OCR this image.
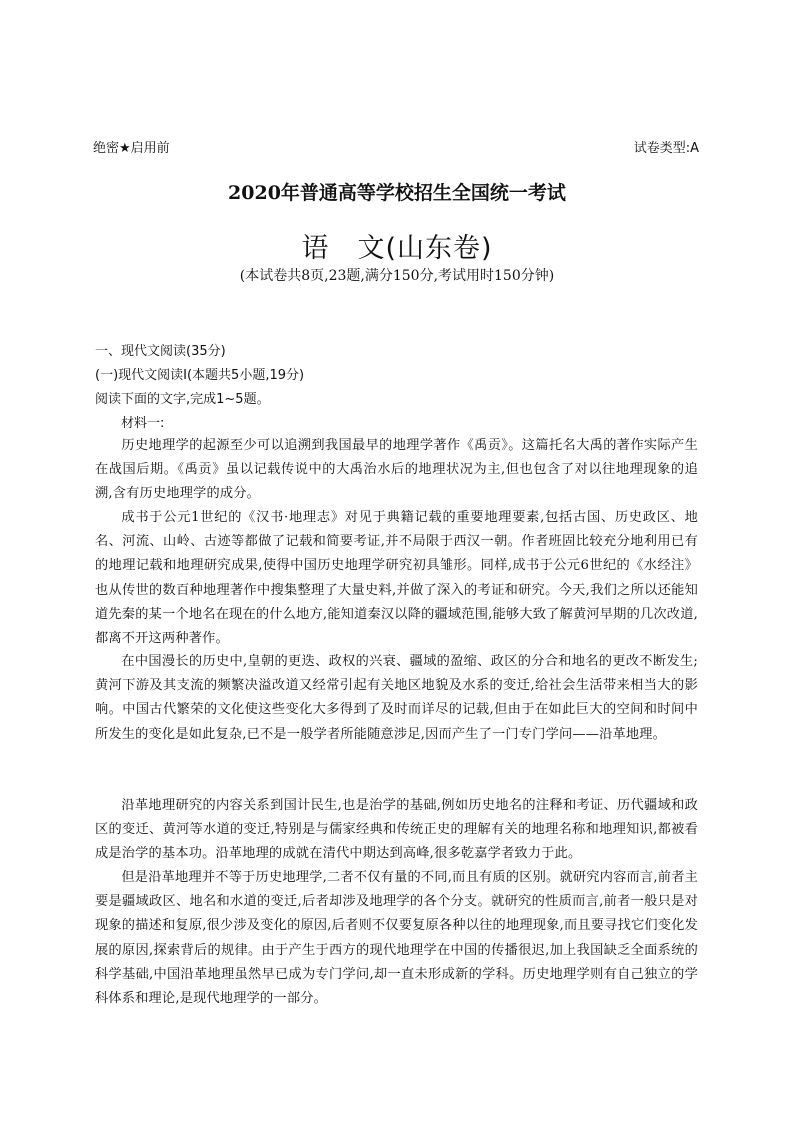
绝密★启用前	试卷类型:A
2020年普通高等学校招生全国统一考试
语　文(山东卷)
(本试卷共8页,23题,满分150分,考试用时150分钟)
一、现代文阅读(35分)
(一)现代文阅读Ⅰ(本题共5小题,19分)
阅读下面的文字,完成1~5题。
材料一:

历史地理学的起源至少可以追溯到我国最早的地理学著作《禹贡》。这篇托名大禹的著作实际产生在战国后期。《禹贡》虽以记载传说中的大禹治水后的地理状况为主,但也包含了对以往地理现象的追溯,含有历史地理学的成分。

成书于公元1世纪的《汉书·地理志》对见于典籍记载的重要地理要素,包括古国、历史政区、地名、河流、山岭、古迹等都做了记载和简要考证,并不局限于西汉一朝。作者班固比较充分地利用已有的地理记载和地理研究成果,使得中国历史地理学研究初具雏形。同样,成书于公元6世纪的《水经注》也从传世的数百种地理著作中搜集整理了大量史料,并做了深入的考证和研究。今天,我们之所以还能知道先秦的某一个地名在现在的什么地方,能知道秦汉以降的疆域范围,能够大致了解黄河早期的几次改道,都离不开这两种著作。

在中国漫长的历史中,皇朝的更迭、政权的兴衰、疆域的盈缩、政区的分合和地名的更改不断发生;黄河下游及其支流的频繁决溢改道又经常引起有关地区地貌及水系的变迁,给社会生活带来相当大的影响。中国古代繁荣的文化使这些变化大多得到了及时而详尽的记载,但由于在如此巨大的空间和时间中所发生的变化是如此复杂,已不是一般学者所能随意涉足,因而产生了一门专门学问——沿革地理。

沿革地理研究的内容关系到国计民生,也是治学的基础,例如历史地名的注释和考证、历代疆域和政区的变迁、黄河等水道的变迁,特别是与儒家经典和传统正史的理解有关的地理名称和地理知识,都被看成是治学的基本功。沿革地理的成就在清代中期达到高峰,很多乾嘉学者致力于此。

但是沿革地理并不等于历史地理学,二者不仅有量的不同,而且有质的区别。就研究内容而言,前者主要是疆域政区、地名和水道的变迁,后者却涉及地理学的各个分支。就研究的性质而言,前者一般只是对现象的描述和复原,很少涉及变化的原因,后者则不仅要复原各种以往的地理现象,而且要寻找它们变化发展的原因,探索背后的规律。由于产生于西方的现代地理学在中国的传播很迟,加上我国缺乏全面系统的科学基础,中国沿革地理虽然早已成为专门学问,却一直未形成新的学科。历史地理学则有自己独立的学科体系和理论,是现代地理学的一部分。
